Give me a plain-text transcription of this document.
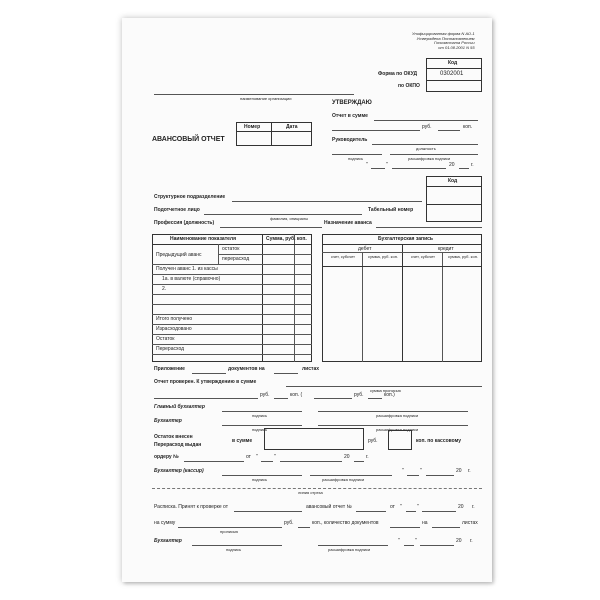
Унифицированная форма N АО-1
Утверждена Постановлением
Госкомстата России
от 01.08.2001 N 55
Код
0302001
Форма по ОКУД
по ОКПО
наименование организации
УТВЕРЖДАЮ
Отчет в сумме
руб.	коп.
Руководитель
должность
подпись	расшифровка подписи
"	"	20	г.
АВАНСОВЫЙ ОТЧЕТ
Номер	Дата
Код
Структурное подразделение
Подотчетное лицо
фамилия, инициалы
Табельный номер
Профессия (должность)	Назначение аванса
Наименование показателя	Сумма, руб. коп.
Предыдущий аванс
остаток
перерасход
Получен аванс 1. из кассы
1а. в валюте (справочно)
2.
Итого получено
Израсходовано
Остаток
Перерасход
Бухгалтерская запись
дебет	кредит
счет, субсчет	сумма, руб. коп.	счет, субсчет	сумма, руб. коп.
Приложение	документов на	листах
Отчет проверен. К утверждению в сумме
сумма прописью
руб.	коп. (	руб.	коп.)
Главный бухгалтер
подпись	расшифровка подписи
Бухгалтер
подпись	расшифровка подписи
Остаток внесен
Перерасход выдан
в сумме	руб.	коп. по кассовому
ордеру №	от "	"	20	г.
Бухгалтер (кассир)
подпись	расшифровка подписи
"	"	20 г.
линия отреза
Расписка. Принят к проверке от	авансовый отчет №	от "	"	20 г.
на сумму
прописью
руб.	коп., количество документов	на	листах
Бухгалтер
подпись	расшифровка подписи
"	"	20 г.
